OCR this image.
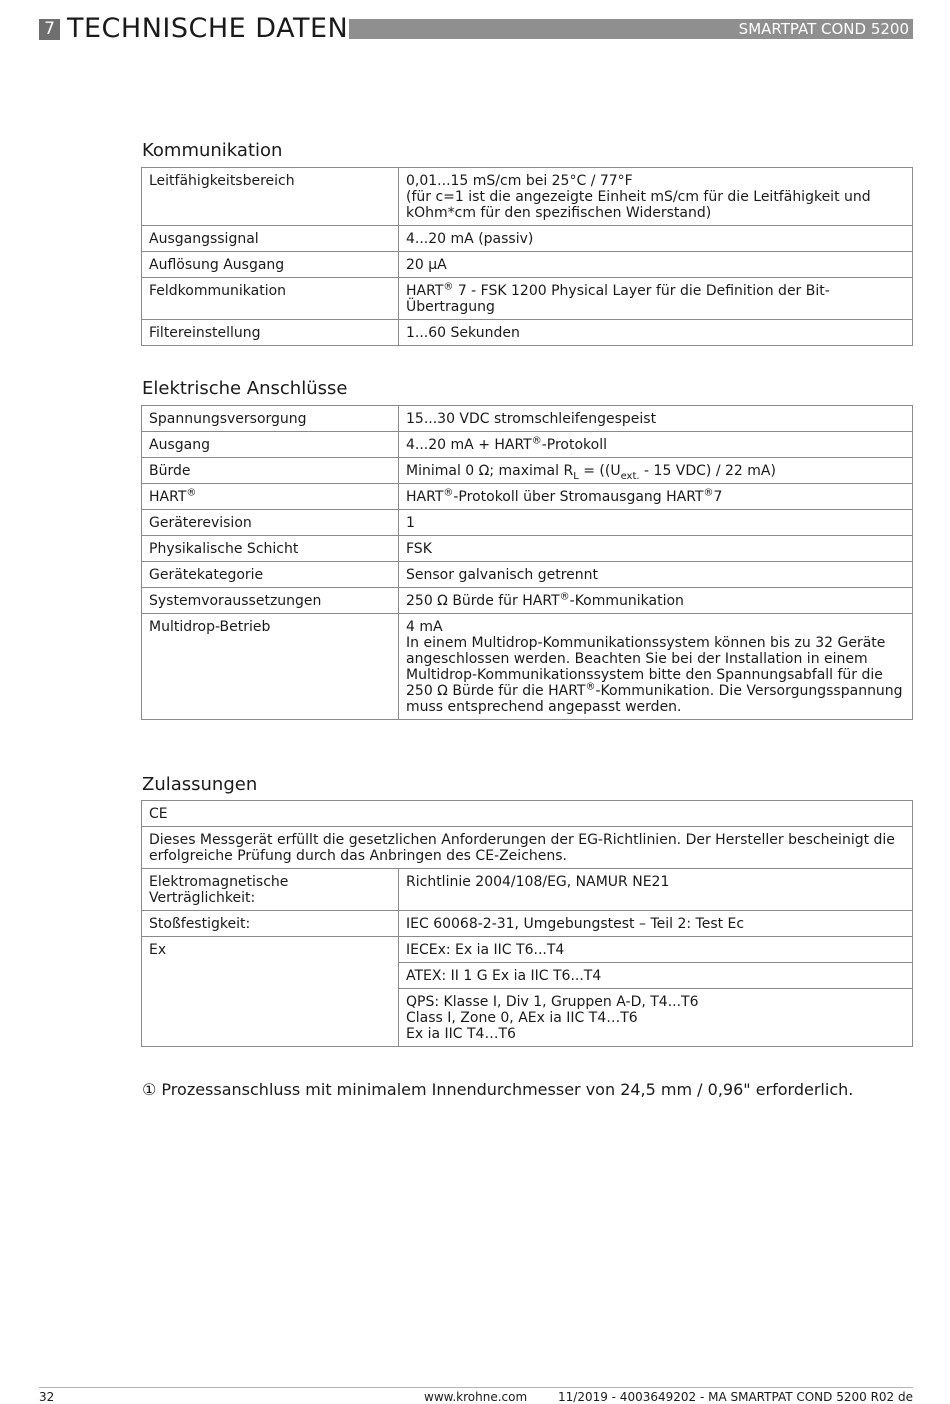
7 TECHNISCHE DATEN	SMARTPAT COND 5200
Kommunikation
Leitfähigkeitsbereich	0,01...15 mS/cm bei 25°C / 77°F
(für c=1 ist die angezeigte Einheit mS/cm für die Leitfähigkeit und kOhm*cm für den spezifischen Widerstand)

Ausgangssignal	4...20 mA (passiv)
Auflösung Ausgang	20 µA
Feldkommunikation	HART® 7 - FSK 1200 Physical Layer für die Definition der Bit-Übertragung
Filtereinstellung	1...60 Sekunden
Elektrische Anschlüsse
Spannungsversorgung	15...30 VDC stromschleifengespeist
Ausgang	4...20 mA + HART®-Protokoll
Bürde	Minimal 0 Ω; maximal $R_L = ((U_{ext.} - 15$ VDC) / 22 mA)
HART®	HART®-Protokoll über Stromausgang HART®7
Geräterevision	1
Physikalische Schicht	FSK
Gerätekategorie	Sensor galvanisch getrennt
Systemvoraussetzungen	250 Ω Bürde für HART®-Kommunikation
Multidrop-Betrieb	4 mA
In einem Multidrop-Kommunikationssystem können bis zu 32 Geräte angeschlossen werden. Beachten Sie bei der Installation in einem Multidrop-Kommunikationssystem bitte den Spannungsabfall für die 250 Ω Bürde für die HART®-Kommunikation. Die Versorgungsspannung muss entsprechend angepasst werden.
Zulassungen
CE	
Dieses Messgerät erfüllt die gesetzlichen Anforderungen der EG-Richtlinien. Der Hersteller bescheinigt die erfolgreiche Prüfung durch das Anbringen des CE-Zeichens.	
Elektromagnetische Verträglichkeit:	Richtlinie 2004/108/EG, NAMUR NE21
Stoßfestigkeit:	IEC 60068-2-31, Umgebungstest – Teil 2: Test Ec
Ex	IECEx: Ex ia IIC T6...T4
	ATEX: II 1 G Ex ia IIC T6...T4

	QPS: Klasse I, Div 1, Gruppen A-D, T4...T6
Class I, Zone 0, AEx ia IIC T4…T6
Ex ia IIC T4…T6
① Prozessanschluss mit minimalem Innendurchmesser von 24,5 mm / 0,96" erforderlich.
32	www.krohne.com	11/2019 - 4003649202 - MA SMARTPAT COND 5200 R02 de
